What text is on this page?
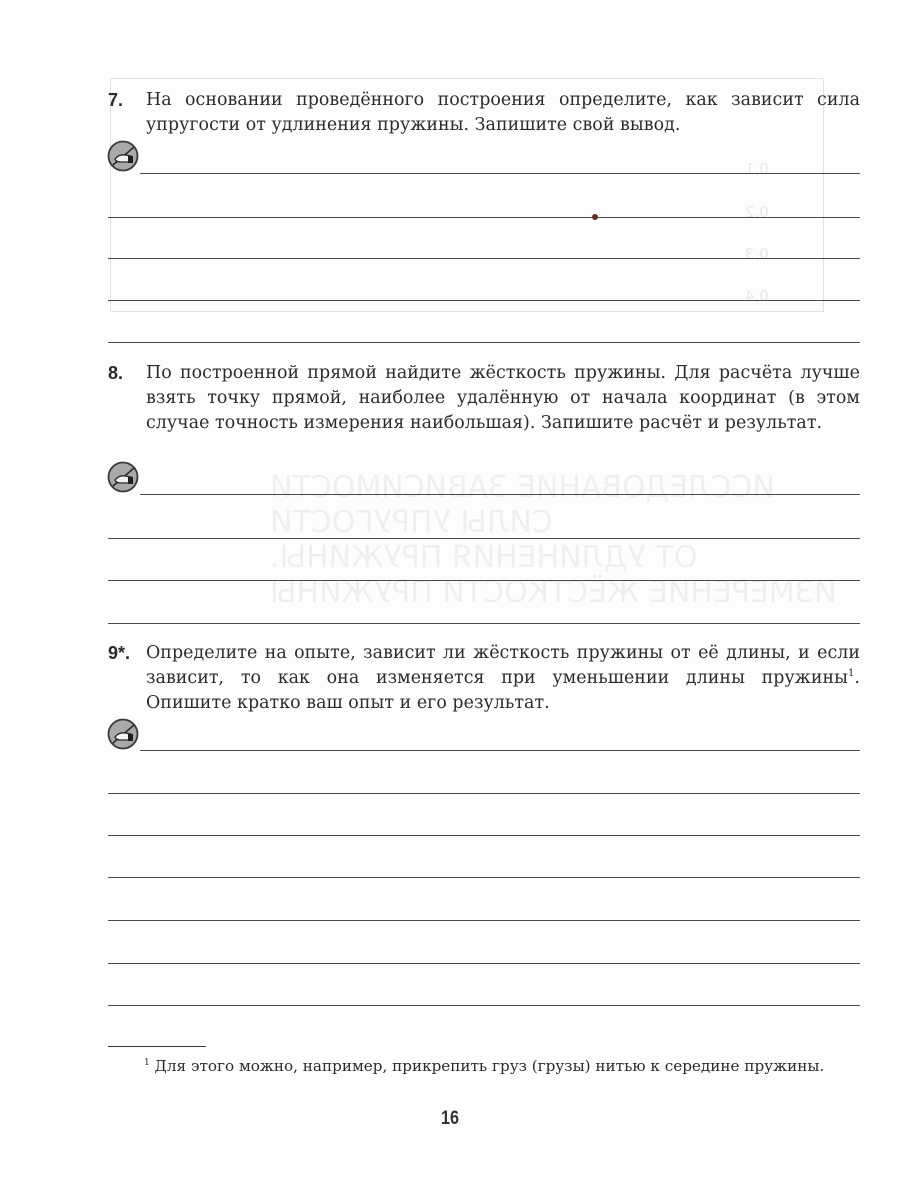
0,1
0,2
0,3
0,4
ИССЛЕДОВАНИЕ ЗАВИСИМОСТИ
СИЛЫ УПРУГОСТИ
ОТ УДЛИНЕНИЯ ПРУЖИНЫ.
ИЗМЕРЕНИЕ ЖЁСТКОСТИ ПРУЖИНЫ
7. На основании проведённого построения определите, как зависит сила упругости от удлинения пружины. Запишите свой вывод.
8. По построенной прямой найдите жёсткость пружины. Для расчёта лучше взять точку прямой, наиболее удалённую от начала координат (в этом случае точность измерения наибольшая). Запишите расчёт и результат.
9*. Определите на опыте, зависит ли жёсткость пружины от её длины, и если зависит, то как она изменяется при уменьшении длины пружины$^1$. Опишите кратко ваш опыт и его результат.
$^1$ Для этого можно, например, прикрепить груз (грузы) нитью к середине пружины.
16
